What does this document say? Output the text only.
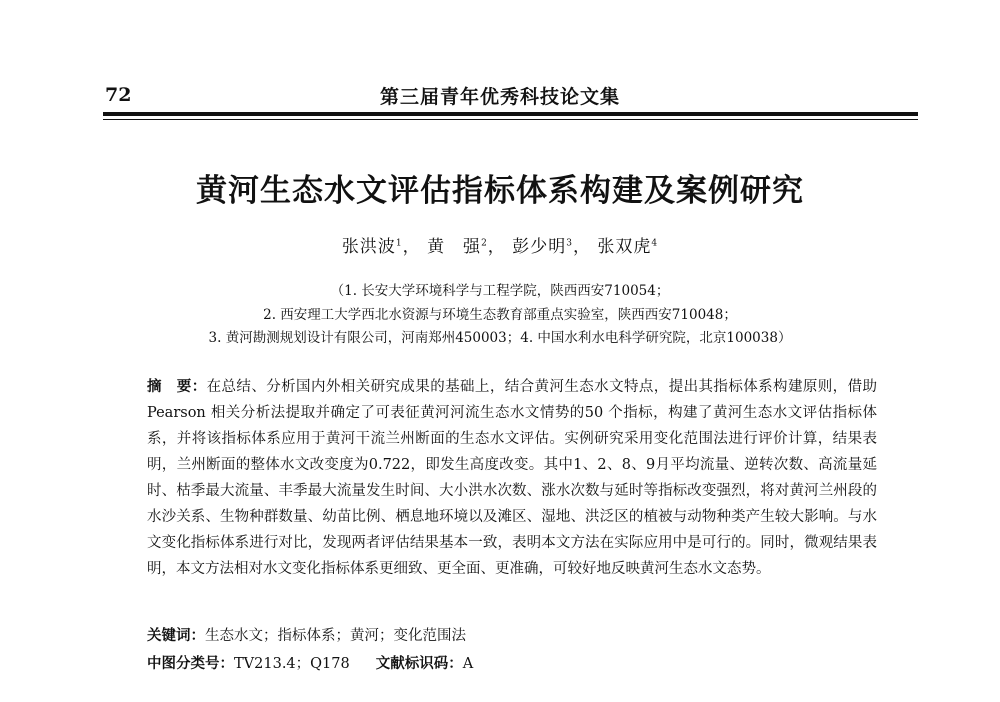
72	第三届青年优秀科技论文集
黄河生态水文评估指标体系构建及案例研究
张洪波$^1$， 黄　强$^2$， 彭少明$^3$， 张双虎$^4$
（1. 长安大学环境科学与工程学院，陕西西安710054；
2. 西安理工大学西北水资源与环境生态教育部重点实验室，陕西西安710048；
3. 黄河勘测规划设计有限公司，河南郑州450003；4. 中国水利水电科学研究院，北京100038）
摘　要：在总结、分析国内外相关研究成果的基础上，结合黄河生态水文特点，提出其指标体系构建原则，借助Pearson 相关分析法提取并确定了可表征黄河河流生态水文情势的50 个指标，构建了黄河生态水文评估指标体系，并将该指标体系应用于黄河干流兰州断面的生态水文评估。实例研究采用变化范围法进行评价计算，结果表明，兰州断面的整体水文改变度为0.722，即发生高度改变。其中1、2、8、9月平均流量、逆转次数、高流量延时、枯季最大流量、丰季最大流量发生时间、大小洪水次数、涨水次数与延时等指标改变强烈，将对黄河兰州段的水沙关系、生物种群数量、幼苗比例、栖息地环境以及滩区、湿地、洪泛区的植被与动物种类产生较大影响。与水文变化指标体系进行对比，发现两者评估结果基本一致，表明本文方法在实际应用中是可行的。同时，微观结果表明，本文方法相对水文变化指标体系更细致、更全面、更准确，可较好地反映黄河生态水文态势。
关键词：生态水文；指标体系；黄河；变化范围法
中图分类号：TV213.4；Q178 文献标识码：A
